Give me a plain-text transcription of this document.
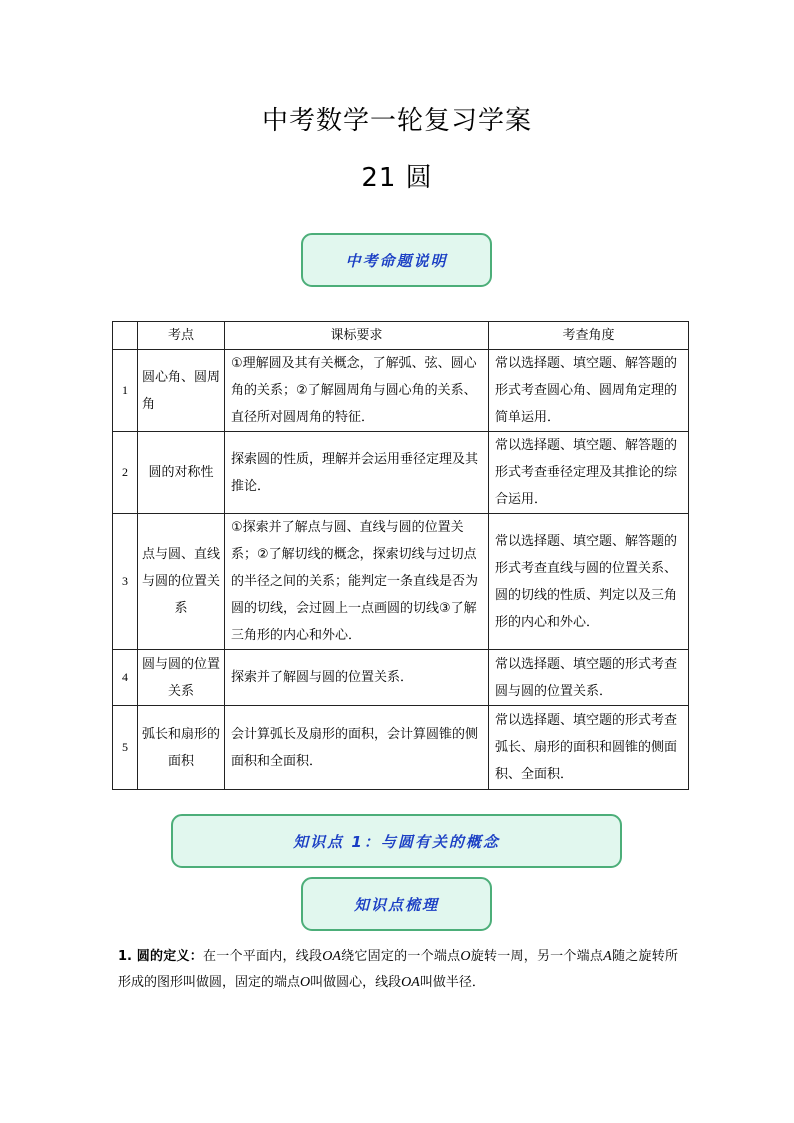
中考数学一轮复习学案
21 圆
中考命题说明
	考点	课标要求	考查角度
1	圆心角、圆周角	①理解圆及其有关概念，了解弧、弦、圆心角的关系；②了解圆周角与圆心角的关系、直径所对圆周角的特征．	常以选择题、填空题、解答题的形式考查圆心角、圆周角定理的简单运用．
2	圆的对称性	探索圆的性质，理解并会运用垂径定理及其推论．	常以选择题、填空题、解答题的形式考查垂径定理及其推论的综合运用．
3	点与圆、直线与圆的位置关系	①探索并了解点与圆、直线与圆的位置关系；②了解切线的概念，探索切线与过切点的半径之间的关系；能判定一条直线是否为圆的切线，会过圆上一点画圆的切线③了解三角形的内心和外心．	常以选择题、填空题、解答题的形式考查直线与圆的位置关系、圆的切线的性质、判定以及三角形的内心和外心．
4	圆与圆的位置关系	探索并了解圆与圆的位置关系．	常以选择题、填空题的形式考查圆与圆的位置关系．
5	弧长和扇形的面积	会计算弧长及扇形的面积，会计算圆锥的侧面积和全面积．	常以选择题、填空题的形式考查弧长、扇形的面积和圆锥的侧面积、全面积．
知识点 1：与圆有关的概念
知识点梳理
1. 圆的定义：在一个平面内，线段OA绕它固定的一个端点O旋转一周，另一个端点A随之旋转所形成的图形叫做圆，固定的端点O叫做圆心，线段OA叫做半径．
